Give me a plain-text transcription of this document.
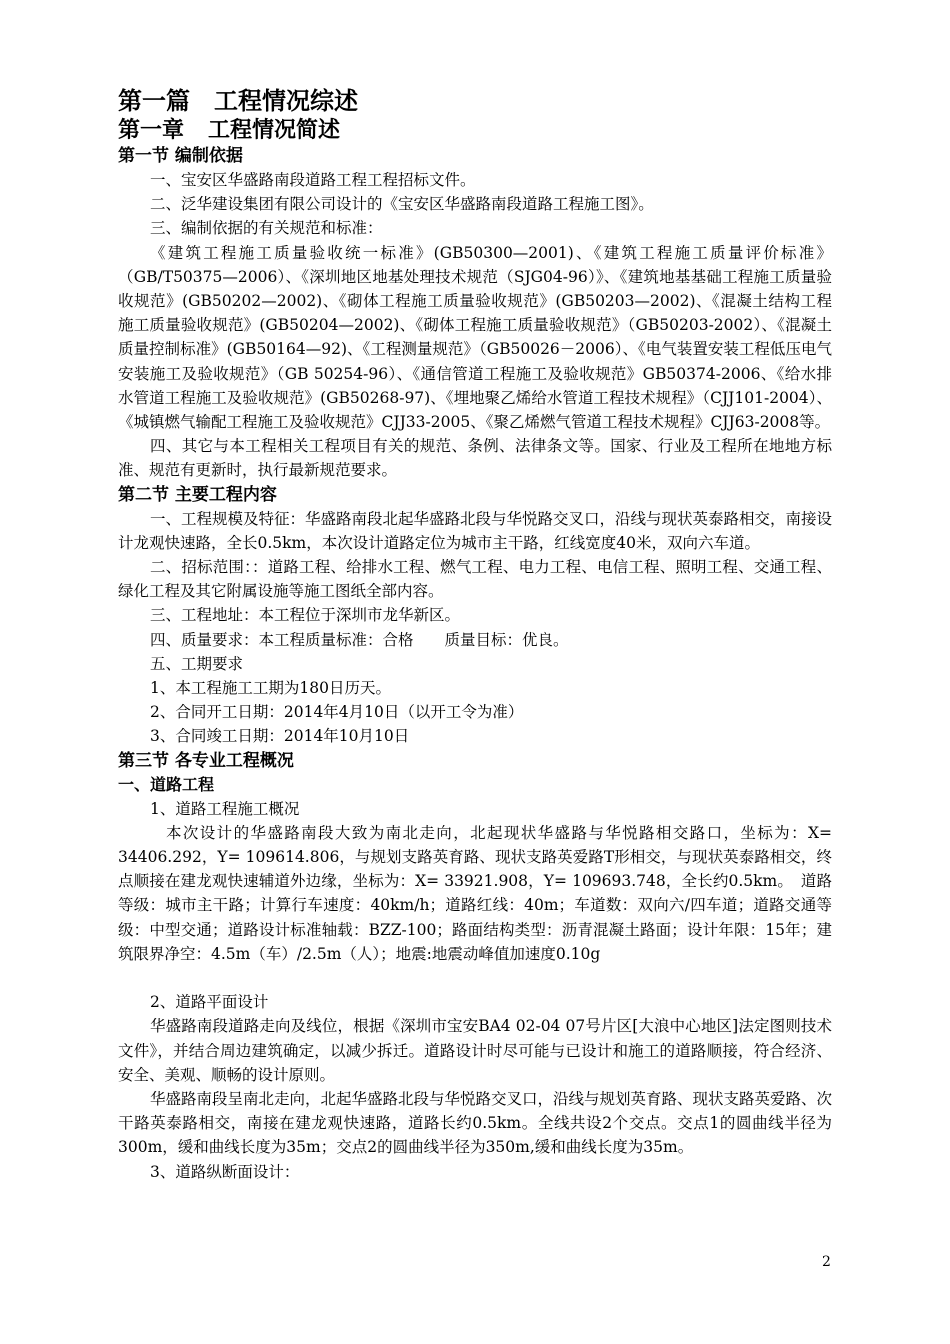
第一篇 工程情况综述
第一章 工程情况简述
第一节 编制依据

一、宝安区华盛路南段道路工程工程招标文件。

二、泛华建设集团有限公司设计的《宝安区华盛路南段道路工程施工图》。

三、编制依据的有关规范和标准：

《建筑工程施工质量验收统一标准》(GB50300—2001)、《建筑工程施工质量评价标准》（GB/T50375—2006）、《深圳地区地基处理技术规范（SJG04-96）》、《建筑地基基础工程施工质量验收规范》(GB50202—2002)、《砌体工程施工质量验收规范》(GB50203—2002)、《混凝土结构工程施工质量验收规范》(GB50204—2002)、《砌体工程施工质量验收规范》（GB50203-2002）、《混凝土质量控制标准》(GB50164—92)、《工程测量规范》（GB50026－2006）、《电气装置安装工程低压电气安装施工及验收规范》（GB 50254-96）、《通信管道工程施工及验收规范》GB50374-2006、《给水排水管道工程施工及验收规范》(GB50268-97)、《埋地聚乙烯给水管道工程技术规程》（CJJ101-2004）、《城镇燃气输配工程施工及验收规范》CJJ33-2005、《聚乙烯燃气管道工程技术规程》CJJ63-2008等。

四、其它与本工程相关工程项目有关的规范、条例、法律条文等。国家、行业及工程所在地地方标准、规范有更新时，执行最新规范要求。

第二节 主要工程内容

一、工程规模及特征：华盛路南段北起华盛路北段与华悦路交叉口，沿线与现状英泰路相交，南接设计龙观快速路，全长0.5km，本次设计道路定位为城市主干路，红线宽度40米，双向六车道。

二、招标范围：：道路工程、给排水工程、燃气工程、电力工程、电信工程、照明工程、交通工程、绿化工程及其它附属设施等施工图纸全部内容。

三、工程地址：本工程位于深圳市龙华新区。

四、质量要求：本工程质量标准：合格　　质量目标：优良。

五、工期要求

1、本工程施工工期为180日历天。

2、合同开工日期：2014年4月10日（以开工令为准）

3、合同竣工日期：2014年10月10日

第三节 各专业工程概况
一、道路工程

1、道路工程施工概况

本次设计的华盛路南段大致为南北走向，北起现状华盛路与华悦路相交路口，坐标为：X= 34406.292，Y= 109614.806，与规划支路英育路、现状支路英爱路T形相交，与现状英泰路相交，终点顺接在建龙观快速辅道外边缘，坐标为：X= 33921.908，Y= 109693.748，全长约0.5km。　道路等级：城市主干路；计算行车速度：40km/h；道路红线：40m；车道数：双向六/四车道；道路交通等级：中型交通；道路设计标准轴载：BZZ-100；路面结构类型：沥青混凝土路面；设计年限：15年；建筑限界净空：4.5m（车）/2.5m（人）；地震:地震动峰值加速度0.10g

2、道路平面设计

华盛路南段道路走向及线位，根据《深圳市宝安BA4 02-04 07号片区[大浪中心地区]法定图则技术文件》，并结合周边建筑确定，以减少拆迁。道路设计时尽可能与已设计和施工的道路顺接，符合经济、安全、美观、顺畅的设计原则。

华盛路南段呈南北走向，北起华盛路北段与华悦路交叉口，沿线与规划英育路、现状支路英爱路、次干路英泰路相交，南接在建龙观快速路，道路长约0.5km。全线共设2个交点。交点1的圆曲线半径为300m，缓和曲线长度为35m；交点2的圆曲线半径为350m,缓和曲线长度为35m。

3、道路纵断面设计：

2
